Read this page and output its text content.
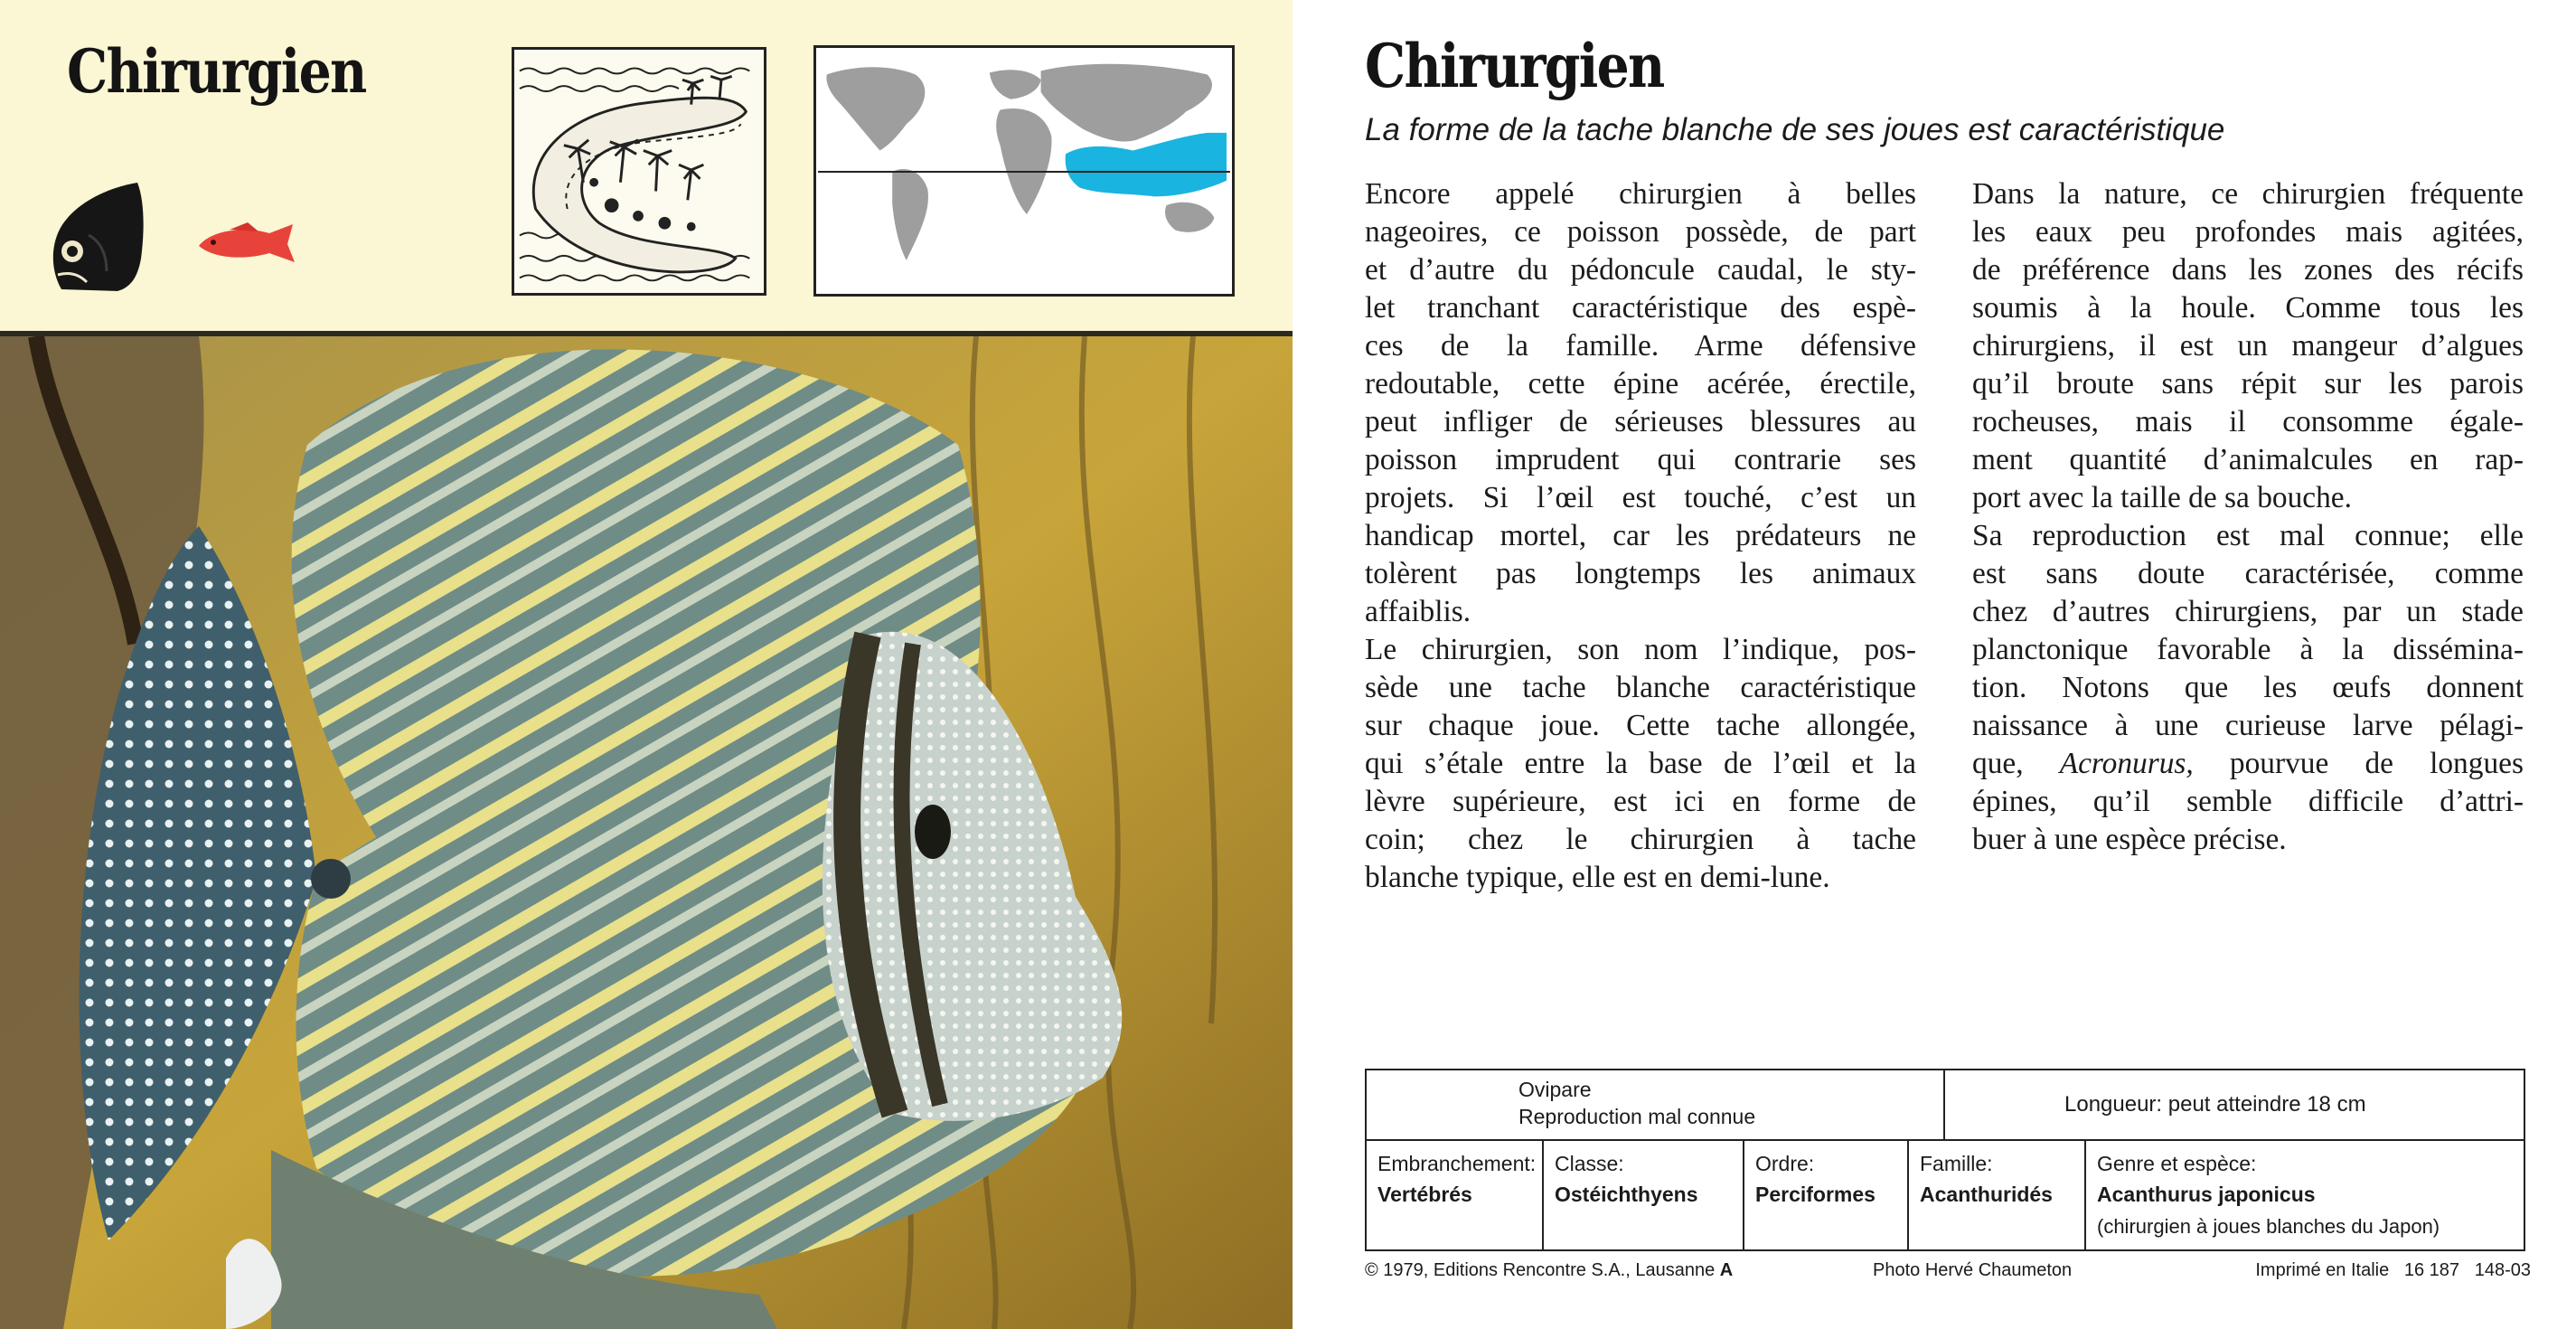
Chirurgien	Chirurgien
La forme de la tache blanche de ses joues est caractéristique

Encore appelé chirurgien à belles
nageoires, ce poisson possède, de part
et d’autre du pédoncule caudal, le sty-
let tranchant caractéristique des espè-
ces de la famille. Arme défensive
redoutable, cette épine acérée, érectile,
peut infliger de sérieuses blessures au
poisson imprudent qui contrarie ses
projets. Si l’œil est touché, c’est un
handicap mortel, car les prédateurs ne
tolèrent pas longtemps les animaux
affaiblis.

Le chirurgien, son nom l’indique, pos-
sède une tache blanche caractéristique
sur chaque joue. Cette tache allongée,
qui s’étale entre la base de l’œil et la
lèvre supérieure, est ici en forme de
coin; chez le chirurgien à tache
blanche typique, elle est en demi-lune.

Dans la nature, ce chirurgien fréquente
les eaux peu profondes mais agitées,
de préférence dans les zones des récifs
soumis à la houle. Comme tous les
chirurgiens, il est un mangeur d’algues
qu’il broute sans répit sur les parois
rocheuses, mais il consomme égale-
ment quantité d’animalcules en rap-
port avec la taille de sa bouche.

Sa reproduction est mal connue; elle
est sans doute caractérisée, comme
chez d’autres chirurgiens, par un stade
planctonique favorable à la dissémina-
tion. Notons que les œufs donnent
naissance à une curieuse larve pélagi-
que, Acronurus, pourvue de longues
épines, qu’il semble difficile d’attri-
buer à une espèce précise.

Ovipare
Reproduction mal connue	Longueur: peut atteindre 18 cm
Embranchement:
Vertébrés
Classe:
Ostéichthyens
Ordre:
Perciformes
Famille:
Acanthuridés
Genre et espèce:
Acanthurus japonicus
(chirurgien à joues blanches du Japon)
© 1979, Editions Rencontre S.A., Lausanne A	Photo Hervé Chaumeton	Imprimé en Italie   16 187   148-03
